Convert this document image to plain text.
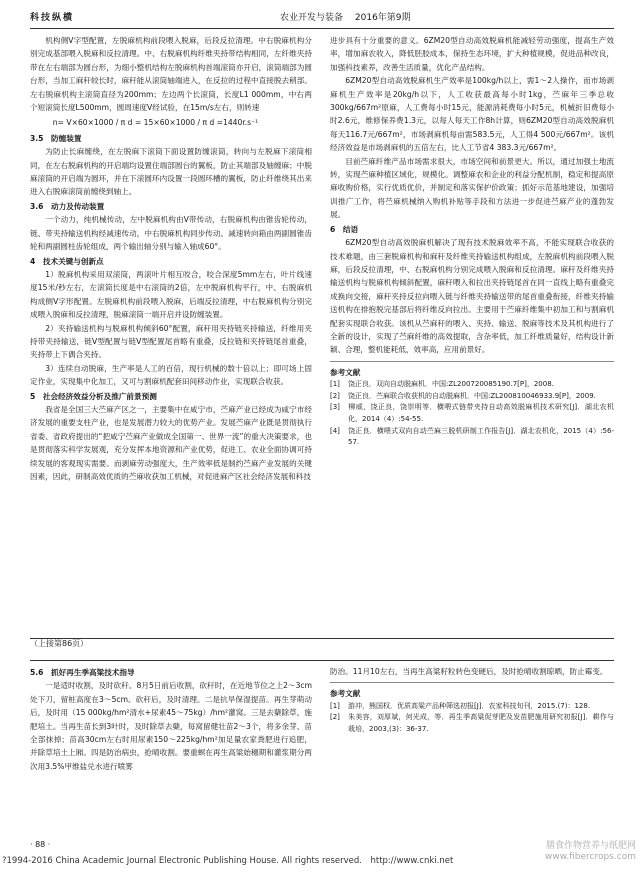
科技纵横	农业开发与装备　 2016年第9期

机构侧V字型配置，左脱麻机构前段喂入脱麻，后段反拉清理。中右脱麻机构分别完成基部喂入脱麻和反拉清理。中、右脱麻机构纤维夹持带结构相同，左纤维夹持带在左右端部为圆台形，为细小整机结构左脱麻机构首端滚筒亦开启，滚筒端部为圆台形，当加工麻秆较长时，麻秆能从滚筒轴端进入，在反拉的过程中直接脱去稍部。左右脱麻机构主滚筒直径为200mm；左边两个长滚筒，长度L1 000mm，中右两个短滚筒长度L500mm，圆周速度V经试验，在15m/s左右，则转速

n= V×60×1000 / π d = 15×60×1000 / π d =1440r.s⁻¹

3.5　防缠装置

为防止长麻缠绕，在左脱麻下滚筒下面设置防缠滚筒，转向与左脱麻下滚筒相同，在左右脱麻机构的开启端均设置住端部圆台的翼板，防止其端部及轴缠麻；中脱麻滚筒的开启端为圆环，并在下滚圆环内设置一段圆环槽的翼板，防止纤维绕其出来进入右脱麻滚筒前缠绕到轴上。

3.6　动力及传动装置

一个动力，纯机械传动，左中脱麻机构由V带传动，右脱麻机构由锥齿轮传动，链、带夹持输送机构经减速传动，中右脱麻机构同步传动。减速转向箱由两副圆锥齿轮和两副圆柱齿轮组成，两个输出轴分别与输入轴成60°。

4　技术关键与创新点

1）脱麻机构采用双滚筒，两滚叶片相互咬合，咬合深度5mm左右，叶片线速度15米/秒左右，左滚筒长度是中右滚筒的2倍，左中脱麻机构平行，中、右脱麻机构成侧V字形配置。左脱麻机构前段喂入脱麻，后端反拉清理，中右脱麻机构分别完成喂入脱麻和反拉清理，脱麻滚筒一端开启并设防缠装置。

2）夹持输送机构与脱麻机构倾斜60°配置，麻秆用夹持链夹持输送，纤维用夹持带夹持输送，链V型配置与链V型配置尾首略有重叠，反拉链和夹持链尾首重叠，夹持带上下偶合夹持。

3）连续自动脱麻，生产率是人工的百倍，现行机械的数十倍以上；即可场上固定作业，实现集中化加工，又可与割麻机配套田间移动作业，实现联合收获。

5　社会经济效益分析及推广前景预测

我省是全国三大苎麻产区之一，主要集中在咸宁市，苎麻产业已经成为咸宁市经济发展的重要支柱产业，也是发展潜力较大的优势产业。发展苎麻产业既是贯彻执行省委、省政府提出的“把咸宁苎麻产业做成全国第一、世界一流”的重大决策要求，也是贯彻落实科学发展观，充分发挥本地资源和产业优势，促进工、农业全面协调可持续发展的客观现实需要。而剥麻劳动强度大，生产效率低是制约苎麻产业发展的关键因素，因此，研制高效优质的苎麻收获加工机械，对促进麻产区社会经济发展和科技

进步具有十分重要的意义。6ZM20型自动高效脱麻机能减轻劳动强度，提高生产效率，增加麻农收入，降低胚胶成本，保持生态环境，扩大种植规模，促进品种改良，加强科技素养，改善生活质量，优化产品结构。

6ZM20型自动高效脱麻机生产效率是100kg/h以上，需1～2人操作，而市场剥麻机生产效率是20kg/h以下，人工收获最高每小时1kg，苎麻年三季总收300kg/667m²原麻，人工费每小时15元，能源消耗费每小时5元，机械折旧费每小时2.6元，维修保养费1.3元，以每人每天工作8h计算，则6ZM20型自动高效脱麻机每天116.7元/667m²，市场剥麻机每亩需583.5元，人工得4 500元/667m²。该机经济效益是市场剥麻机的五倍左右，比人工节省4 383.3元/667m²。

目前苎麻纤维产品市场需求很大，市场空间和前景更大。所以，通过加强土地流转，实现苎麻种植区域化，规模化。调整麻农和企业的利益分配机制，稳定和提高原麻收购价格，实行优质优价，并制定和落实保护价政策；抓好示范基地建设，加强培训推广工作，将苎麻机械纳入购机补贴等手段和方法进一步促进苎麻产业的蓬勃发展。

6　结语

6ZM20型自动高效脱麻机解决了现有技术脱麻效率不高，不能实现联合收获的技术难题，由三套脱麻机构和麻秆及纤维夹持输送机构组成，左脱麻机构前段喂入脱麻，后段反拉清理，中、右脱麻机构分别完成喂入脱麻和反拉清理。麻秆及纤维夹持输送机构与脱麻机构倾斜配置，麻秆喂入和拉出夹持链尾首在同一直线上略有重叠完成换向交接，麻秆夹持反拉向喂入链与纤维夹持输送带的尾首重叠衔接，纤维夹持输送机构在排抱脱完基部后将纤维反向拉出。主要用于苎麻纤维集中初加工和与割麻机配套实现联合收获。该机从苎麻秆的喂入、夹持、输送、脱麻等技术及其机构进行了全新的设计，实现了苎麻纤维的高效提取，含杂率低，加工纤维质量好，结构设计新颖、合理，整机能耗低，效率高，应用前景好。

参考文献

[1] 饶正良．双向自动脱麻机．中国:ZL200720085190.7[P]，2008.

[2] 饶正良．苎麻联合收获机的自动脱麻机．中国:ZL200810046933.9[P]，2009.

[3] 柳威，饶正良，饶崇明等．横喂式链带夹持自动高效脱麻机技术研究[J]．湖北农机化，2014（4）:54-55.

[4] 饶正良．横喂式双向自动苎麻三脱机研制工作报告[J]．湖北农机化，2015（4）:56-57.

（上接第86页）

5.6　抓好再生季高粱技术指导

一是适时收割，及时砍秆。8月5日前后收割，砍秆时，在近地节位之上2～3cm处下刀，留桩高度在3～5cm。砍秆后，及时清理。二是抗旱保湿提苗。再生芽萌动后，及时用（15 000kg/hm²清水+尿素45～75kg）/hm²灌窝。三是去蘖除草，施肥培土。当再生苗长到3叶时，及时除草去蘖，每窝留健壮苗2～3个，将多余芽、苗全部抹掉；苗高30cm左右时用尿素150～225kg/hm²加足量农家粪肥进行追肥，并除草培土上厢。四是防治病虫，抢晴收割。要重螟在再生高粱始穗期和灌浆期分两次用3.5%甲维盐兑水进行喷雾

防治。11月10左右，当再生高粱籽粒转色变硬后，及时抢晴收割晾晒，防止霉变。

参考文献

[1] 游冲，熊国权．优质高粱产品种筛选初报[J]．农家科技旬刊，2015.(7)：128.

[2] 朱美容，刘厚斌，何光成，等．再生季高粱促芽肥及发苗肥施用研究初报[J]．耕作与栽培，2003,(3)：36-37.

· 88 ·
?1994-2016 China Academic Journal Electronic Publishing House. All rights reserved.　http://www.cnki.net
膳食作物营养与纸肥网
www.fibercrops.com
